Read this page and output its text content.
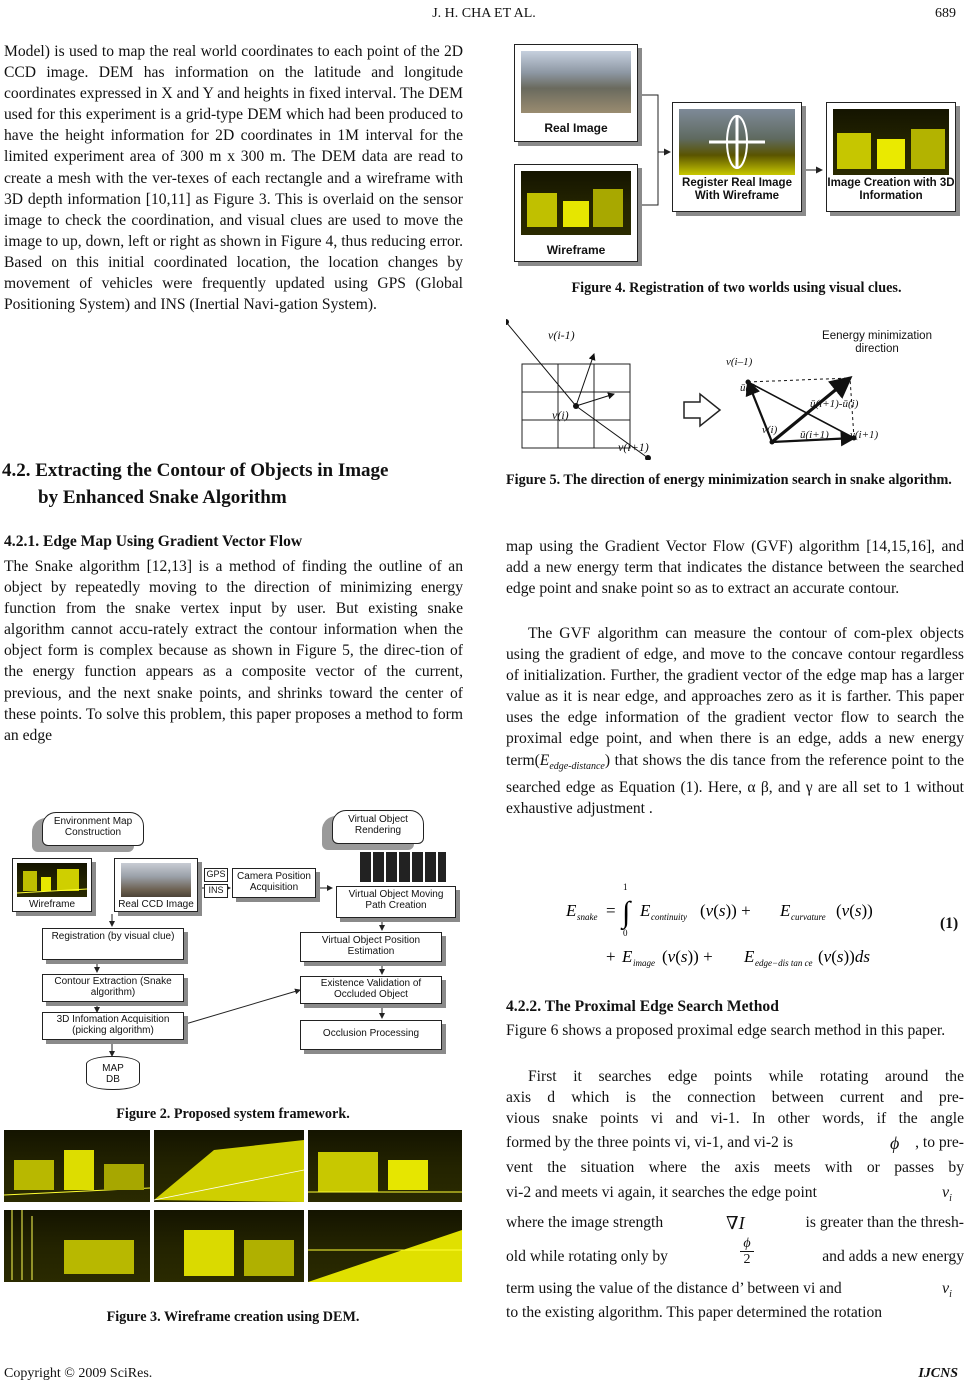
J. H. CHA ET AL.	689

Model) is used to map the real world coordinates to each point of the 2D CCD image. DEM has information on the latitude and longitude coordinates expressed in X and Y and heights in fixed interval. The DEM used for this experiment is a grid-type DEM which had been produced to have the height information for 2D coordinates in 1M interval for the limited experiment area of 300 m x 300 m. The DEM data are read to create a mesh with the ver-texes of each rectangle and a wireframe with 3D depth information [10,11] as Figure 3. This is overlaid on the sensor image to check the coordination, and visual clues are used to move the image to up, down, left or right as shown in Figure 4, thus reducing error. Based on this initial coordinated location, the location changes by movement of vehicles were frequently updated using GPS (Global Positioning System) and INS (Inertial Navi-gation System).

4.2. Extracting the Contour of Objects in Image
by Enhanced Snake Algorithm
4.2.1. Edge Map Using Gradient Vector Flow

The Snake algorithm [12,13] is a method of finding the outline of an object by repeatedly moving to the direction of minimizing energy function from the snake vertex input by user. But existing snake algorithm cannot accu-rately extract the contour information when the object form is complex because as shown in Figure 5, the direc-tion of the energy function appears as a composite vector of the current, previous, and the next snake points, and shrinks toward the center of these points. To solve this problem, this paper proposes a method to form an edge

Environment Map Construction
Virtual Object Rendering
Wireframe	Real CCD Image
GPS
INS
Camera Position Acquisition
Virtual Object Moving Path Creation
Registration (by visual clue)	Virtual Object Position Estimation
Contour Extraction (Snake algorithm)
Existence Validation of Occluded Object
3D Infomation Acquisition (picking algorithm)	Occlusion Processing
MAP DB
Figure 2. Proposed system framework.
Figure 3. Wireframe creation using DEM.
Real Image
Wireframe
Register Real Image With Wireframe
Image Creation with 3D Information
Figure 4. Registration of two worlds using visual clues.
v(i-1)
v(i)
v(i+1)
v(i–1)
ū(i)
ū(i+1)-ū(i)
v(i) ū(i+1) v(i+1)
Eenergy minimization direction
Figure 5. The direction of energy minimization search in snake algorithm.

map using the Gradient Vector Flow (GVF) algorithm [14,15,16], and add a new energy term that indicates the distance between the searched edge point and snake point so as to extract an accurate contour.

The GVF algorithm can measure the contour of com-plex objects using the gradient of edge, and move to the concave contour regardless of initialization. Further, the gradient vector of the edge map has a larger value as it is near edge, and approaches zero as it is farther. This paper uses the edge information of the gradient vector flow to search the proximal edge point, and when there is an edge, adds a new energy $term(E_{edge-distance})$ that shows the dis tance from the reference point to the searched edge as Equation (1). Here, α β, and γ are all set to 1 without exhaustive adjustment .

E snake =
1
∫
0
E continuity (v(s)) + E curvature (v(s))
+ E image (v(s)) + E edge−dis tan ce (v(s))ds
(1)
4.2.2. The Proximal Edge Search Method

Figure 6 shows a proposed proximal edge search method in this paper.

First it searches edge points while rotating around the
axis d which is the connection between current and pre-
vious snake points vi and vi-1. In other words, if the angle
formed by the three points vi, vi-1, and vi-2 is	ϕ , to pre-
vent the situation where the axis meets with or passes by
vi-2 and meets vi again, it searches the edge point	$v_i$
where the image strength	∇I	is greater than the thresh-
old while rotating only by
ϕ
2	and adds a new energy
term using the value of the distance d’ between vi and	$v_i$
to the existing algorithm. This paper determined the rotation
Copyright © 2009 SciRes.	IJCNS
